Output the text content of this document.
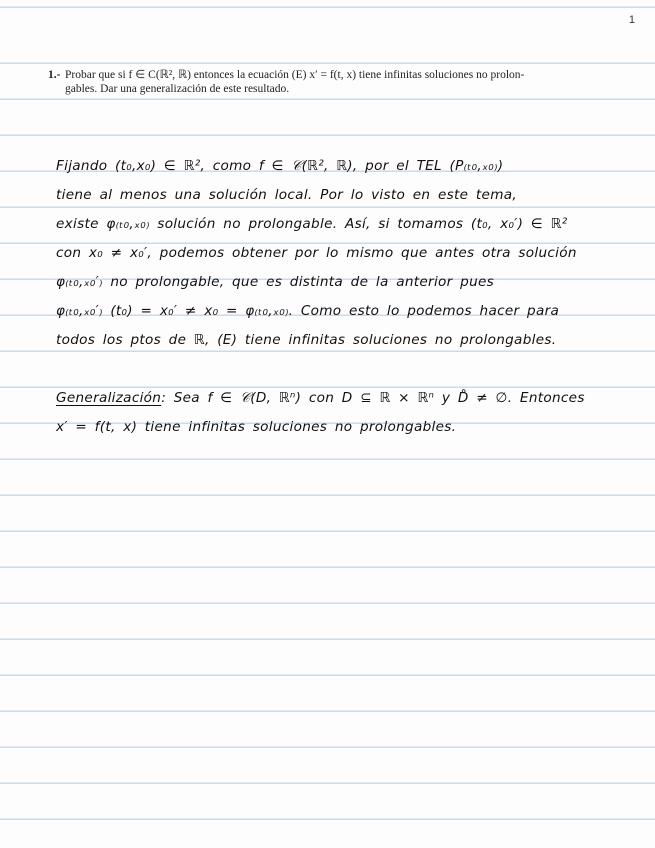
1
1.- Probar que si f ∈ C(ℝ², ℝ) entonces la ecuación (E) x′ = f(t, x) tiene infinitas soluciones no prolon-
gables. Dar una generalización de este resultado.
Fijando (t₀,x₀) ∈ ℝ², como f ∈ 𝒞(ℝ², ℝ), por el TEL (P₍ₜ₀,ₓ₀₎)
tiene al menos una solución local. Por lo visto en este tema,
existe φ₍ₜ₀,ₓ₀₎ solución no prolongable. Así, si tomamos (t₀, x₀′) ∈ ℝ²
con x₀ ≠ x₀′, podemos obtener por lo mismo que antes otra solución
φ₍ₜ₀,ₓ₀′₎ no prolongable, que es distinta de la anterior pues
φ₍ₜ₀,ₓ₀′₎ (t₀) = x₀′ ≠ x₀ = φ₍ₜ₀,ₓ₀₎. Como esto lo podemos hacer para
todos los ptos de ℝ, (E) tiene infinitas soluciones no prolongables.
Generalización: Sea f ∈ 𝒞(D, ℝⁿ) con D ⊆ ℝ × ℝⁿ y D̊ ≠ ∅. Entonces
x′ = f(t, x) tiene infinitas soluciones no prolongables.
